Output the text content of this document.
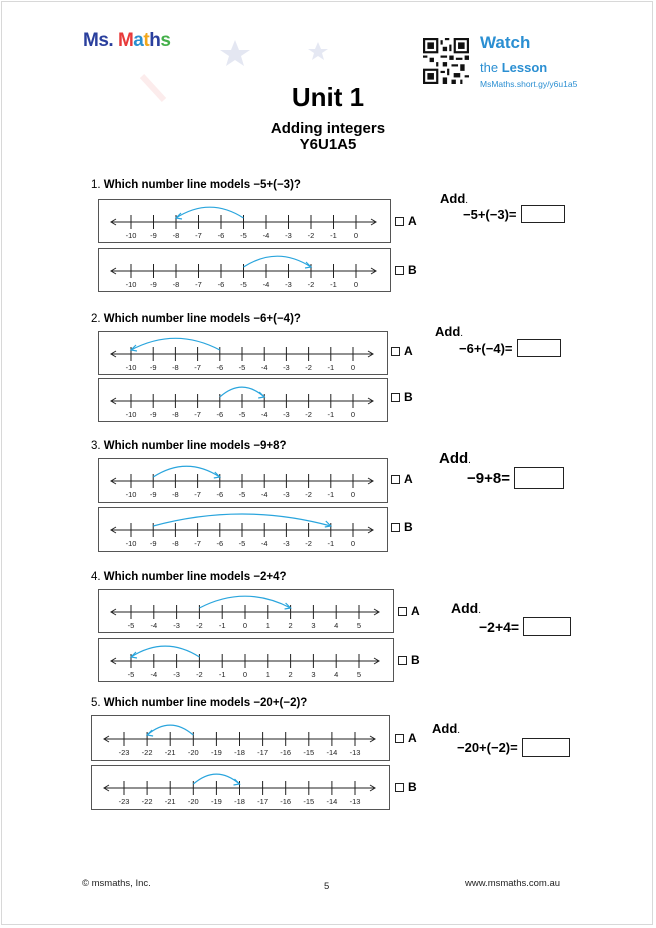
Ms. Maths	Watch
the Lesson
MsMaths.short.gy/y6u1a5
Unit 1
Adding integers
Y6U1A5
1. Which number line models −5+(−3)?
-10 -9 -8 -7 -6 -5 -4 -3 -2 -1 0
-10 -9 -8 -7 -6 -5 -4 -3 -2 -1 0
A
B
Add.
−5+(−3)=
2. Which number line models −6+(−4)?
-10 -9 -8 -7 -6 -5 -4 -3 -2 -1 0
-10 -9 -8 -7 -6 -5 -4 -3 -2 -1 0
A
B
Add.
−6+(−4)=
3. Which number line models −9+8?
-10 -9 -8 -7 -6 -5 -4 -3 -2 -1 0
-10 -9 -8 -7 -6 -5 -4 -3 -2 -1 0
A
B
Add.
−9+8=
4. Which number line models −2+4?
-5 -4 -3 -2 -1 0 1 2 3 4 5
-5 -4 -3 -2 -1 0 1 2 3 4 5
A
B
Add.
−2+4=
5. Which number line models −20+(−2)?
-23 -22 -21 -20 -19 -18 -17 -16 -15 -14 -13
-23 -22 -21 -20 -19 -18 -17 -16 -15 -14 -13
A
B
Add.
−20+(−2)=
© msmaths, Inc.	5	www.msmaths.com.au
